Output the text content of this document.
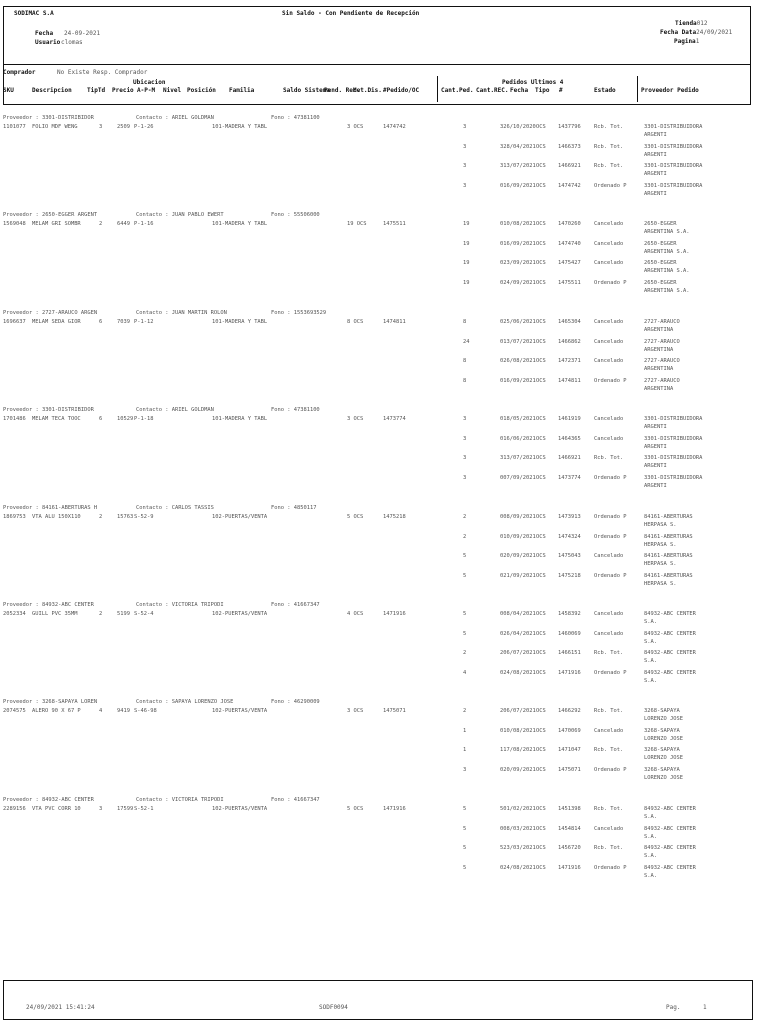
SODIMAC S.A	Sin Saldo - Con Pendiente de Recepción
Fecha 24-09-2021
Usuario clomas
Tienda012
Fecha Data24/09/2021
Pagina1
Comprador	No Existe Resp. Comprador
Ubicacion	Pedidos Ultimos 4
SKU	Descripcion	TipTd Precio A-P-M Nivel Posición Familia	Saldo Sistema
Pend. Rec.
Met.Dis. #Pedido/OC	Cant.Ped. Cant.REC. Fecha Tipo #	Estado	Proveedor Pedido
Proveedor : 3301-DISTRIBIDOR	Contacto : ARIEL GOLDMAN	Fono : 47381100
1101077 FOLIO MDF WENG	3	2509 P-1-26	101-MADERA Y TABL	3 OCS	1474742	3	326/10/2020 OCS 1437796 Rcb. Tot.	3301-DISTRIBUIDORA
ARGENTI
3	328/04/2021 OCS 1466373 Rcb. Tot.	3301-DISTRIBUIDORA
ARGENTI
3	313/07/2021 OCS 1466921 Rcb. Tot.	3301-DISTRIBUIDORA
ARGENTI
3	016/09/2021 OCS 1474742 Ordenado P	3301-DISTRIBUIDORA
ARGENTI
Proveedor : 2650-EGGER ARGENT	Contacto : JUAN PABLO EWERT	Fono : 55506000
1569048 MELAM GRI SOMBR	2	6449 P-1-16	101-MADERA Y TABL	19 OCS	1475511	19	010/08/2021 OCS 1470260 Cancelado	2650-EGGER
ARGENTINA S.A.
19	016/09/2021 OCS 1474740 Cancelado	2650-EGGER
ARGENTINA S.A.
19	023/09/2021 OCS 1475427 Cancelado	2650-EGGER
ARGENTINA S.A.
19	024/09/2021 OCS 1475511 Ordenado P	2650-EGGER
ARGENTINA S.A.
Proveedor : 2727-ARAUCO ARGEN	Contacto : JUAN MARTIN ROLON	Fono : 1553693529
1696637 MELAM SEDA GIOR	6	7039 P-1-12	101-MADERA Y TABL	8 OCS	1474811	8	025/06/2021 OCS 1465304 Cancelado	2727-ARAUCO
ARGENTINA
24	013/07/2021 OCS 1466862 Cancelado	2727-ARAUCO
ARGENTINA
8	026/08/2021 OCS 1472371 Cancelado	2727-ARAUCO
ARGENTINA
8	016/09/2021 OCS 1474811 Ordenado P	2727-ARAUCO
ARGENTINA
Proveedor : 3301-DISTRIBIDOR	Contacto : ARIEL GOLDMAN	Fono : 47381100
1701486 MELAM TECA TOOC	6	10529 P-1-18	101-MADERA Y TABL	3 OCS	1473774	3	018/05/2021 OCS 1461919 Cancelado	3301-DISTRIBUIDORA
ARGENTI
3	016/06/2021 OCS 1464365 Cancelado	3301-DISTRIBUIDORA
ARGENTI
3	313/07/2021 OCS 1466921 Rcb. Tot.	3301-DISTRIBUIDORA
ARGENTI
3	007/09/2021 OCS 1473774 Ordenado P	3301-DISTRIBUIDORA
ARGENTI
Proveedor : 84161-ABERTURAS H	Contacto : CARLOS TASSIS	Fono : 4850117
1869753 VTA ALU 150X110	2	15763 S-52-9	102-PUERTAS/VENTA	5 OCS	1475218	2	008/09/2021 OCS 1473913 Ordenado P	84161-ABERTURAS
HERPASA S.
2	010/09/2021 OCS 1474324 Ordenado P	84161-ABERTURAS
HERPASA S.
5	020/09/2021 OCS 1475043 Cancelado	84161-ABERTURAS
HERPASA S.
5	021/09/2021 OCS 1475218 Ordenado P	84161-ABERTURAS
HERPASA S.
Proveedor : 84932-ABC CENTER	Contacto : VICTORIA TRIPODI	Fono : 41667347
2052334 GUILL PVC 35MM	2	5199 S-52-4	102-PUERTAS/VENTA	4 OCS	1471916	5	008/04/2021 OCS 1458392 Cancelado	84932-ABC CENTER
S.A.
5	026/04/2021 OCS 1460069 Cancelado	84932-ABC CENTER
S.A.
2	206/07/2021 OCS 1466151 Rcb. Tot.	84932-ABC CENTER
S.A.
4	024/08/2021 OCS 1471916 Ordenado P	84932-ABC CENTER
S.A.
Proveedor : 3268-SAPAYA LOREN	Contacto : SAPAYA LORENZO JOSE	Fono : 46290009
2074575 ALERO 90 X 67 P	4	9419 S-46-98	102-PUERTAS/VENTA	3 OCS	1475071	2	206/07/2021 OCS 1466292 Rcb. Tot.	3268-SAPAYA
LORENZO JOSE
1	010/08/2021 OCS 1470069 Cancelado	3268-SAPAYA
LORENZO JOSE
1	117/08/2021 OCS 1471047 Rcb. Tot.	3268-SAPAYA
LORENZO JOSE
3	020/09/2021 OCS 1475071 Ordenado P	3268-SAPAYA
LORENZO JOSE
Proveedor : 84932-ABC CENTER	Contacto : VICTORIA TRIPODI	Fono : 41667347
2289156 VTA PVC CORR 10	3	17599 S-52-1	102-PUERTAS/VENTA	5 OCS	1471916	5	501/02/2021 OCS 1451398 Rcb. Tot.	84932-ABC CENTER
S.A.
5	008/03/2021 OCS 1454814 Cancelado	84932-ABC CENTER
S.A.
5	523/03/2021 OCS 1456720 Rcb. Tot.	84932-ABC CENTER
S.A.
5	024/08/2021 OCS 1471916 Ordenado P	84932-ABC CENTER
S.A.
24/09/2021 15:41:24	SODF0094	Pag.	1
